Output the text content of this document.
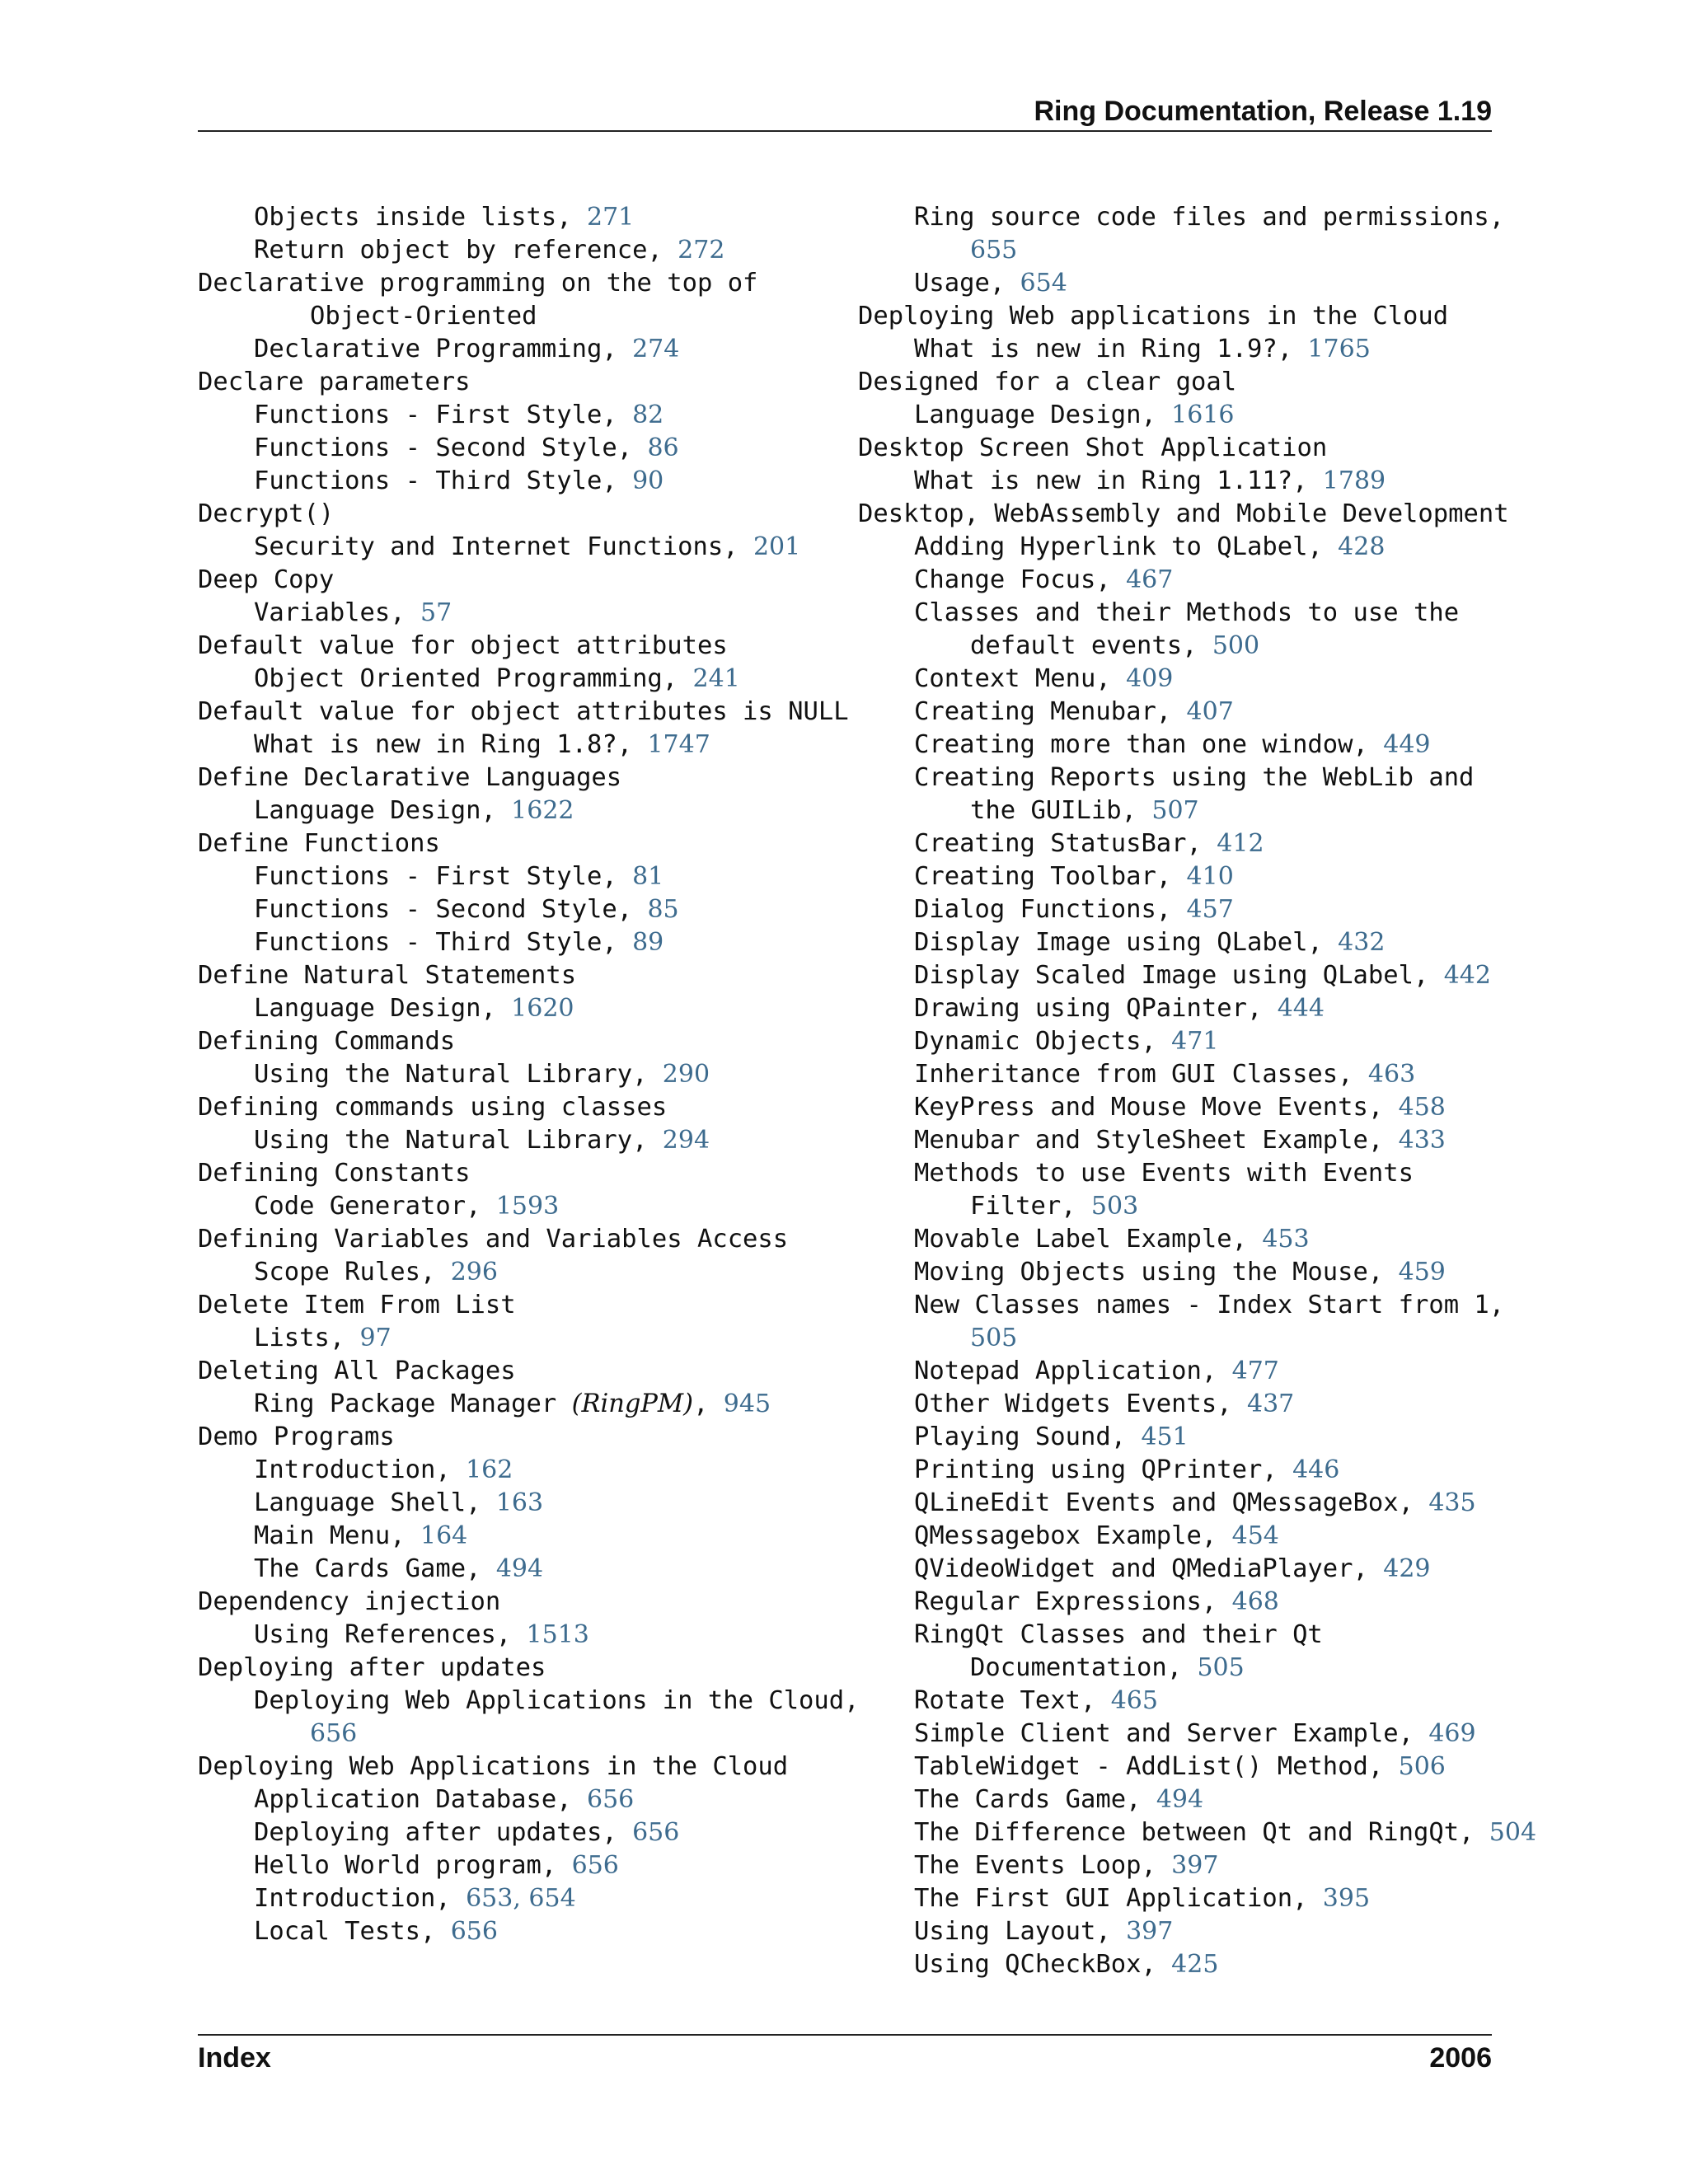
Ring Documentation, Release 1.19
Objects inside lists, 271
Return object by reference, 272
Declarative programming on the top of
Object-Oriented
Declarative Programming, 274
Declare parameters
Functions - First Style, 82
Functions - Second Style, 86
Functions - Third Style, 90
Decrypt()
Security and Internet Functions, 201
Deep Copy
Variables, 57
Default value for object attributes
Object Oriented Programming, 241
Default value for object attributes is NULL
What is new in Ring 1.8?, 1747
Define Declarative Languages
Language Design, 1622
Define Functions
Functions - First Style, 81
Functions - Second Style, 85
Functions - Third Style, 89
Define Natural Statements
Language Design, 1620
Defining Commands
Using the Natural Library, 290
Defining commands using classes
Using the Natural Library, 294
Defining Constants
Code Generator, 1593
Defining Variables and Variables Access
Scope Rules, 296
Delete Item From List
Lists, 97
Deleting All Packages
Ring Package Manager (RingPM), 945
Demo Programs
Introduction, 162
Language Shell, 163
Main Menu, 164
The Cards Game, 494
Dependency injection
Using References, 1513
Deploying after updates
Deploying Web Applications in the Cloud,
656
Deploying Web Applications in the Cloud
Application Database, 656
Deploying after updates, 656
Hello World program, 656
Introduction, 653, 654
Local Tests, 656
Ring source code files and permissions,
655
Usage, 654
Deploying Web applications in the Cloud
What is new in Ring 1.9?, 1765
Designed for a clear goal
Language Design, 1616
Desktop Screen Shot Application
What is new in Ring 1.11?, 1789
Desktop, WebAssembly and Mobile Development
Adding Hyperlink to QLabel, 428
Change Focus, 467
Classes and their Methods to use the
default events, 500
Context Menu, 409
Creating Menubar, 407
Creating more than one window, 449
Creating Reports using the WebLib and
the GUILib, 507
Creating StatusBar, 412
Creating Toolbar, 410
Dialog Functions, 457
Display Image using QLabel, 432
Display Scaled Image using QLabel, 442
Drawing using QPainter, 444
Dynamic Objects, 471
Inheritance from GUI Classes, 463
KeyPress and Mouse Move Events, 458
Menubar and StyleSheet Example, 433
Methods to use Events with Events
Filter, 503
Movable Label Example, 453
Moving Objects using the Mouse, 459
New Classes names - Index Start from 1,
505
Notepad Application, 477
Other Widgets Events, 437
Playing Sound, 451
Printing using QPrinter, 446
QLineEdit Events and QMessageBox, 435
QMessagebox Example, 454
QVideoWidget and QMediaPlayer, 429
Regular Expressions, 468
RingQt Classes and their Qt
Documentation, 505
Rotate Text, 465
Simple Client and Server Example, 469
TableWidget - AddList() Method, 506
The Cards Game, 494
The Difference between Qt and RingQt, 504
The Events Loop, 397
The First GUI Application, 395
Using Layout, 397
Using QCheckBox, 425
Index	2006
